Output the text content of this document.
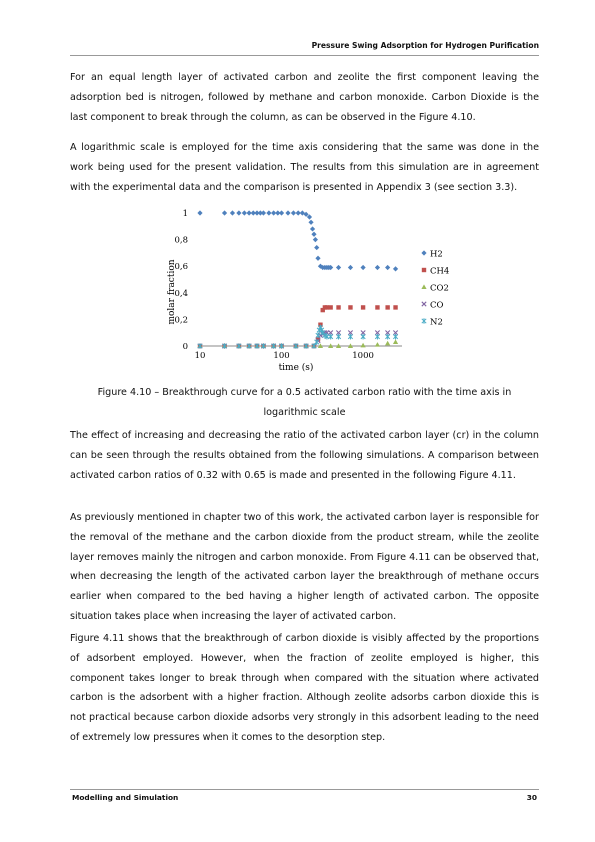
Pressure Swing Adsorption for Hydrogen Purification

For an equal length layer of activated carbon and zeolite the first component leaving the adsorption bed is nitrogen, followed by methane and carbon monoxide. Carbon Dioxide is the last component to break through the column, as can be observed in the Figure 4.10.

A logarithmic scale is employed for the time axis considering that the same was done in the work being used for the present validation. The results from this simulation are in agreement with the experimental data and the comparison is presented in Appendix 3 (see section 3.3).

molar fraction
time (s)
0
0,2
0,4
0,6
0,8
1
10	100	1000
H2
CH4
CO2
CO
N2

Figure 4.10 – Breakthrough curve for a 0.5 activated carbon ratio with the time axis in logarithmic scale

The effect of increasing and decreasing the ratio of the activated carbon layer (cr) in the column can be seen through the results obtained from the following simulations. A comparison between activated carbon ratios of 0.32 with 0.65 is made and presented in the following Figure 4.11.

As previously mentioned in chapter two of this work, the activated carbon layer is responsible for the removal of the methane and the carbon dioxide from the product stream, while the zeolite layer removes mainly the nitrogen and carbon monoxide. From Figure 4.11 can be observed that, when decreasing the length of the activated carbon layer the breakthrough of methane occurs earlier when compared to the bed having a higher length of activated carbon. The opposite situation takes place when increasing the layer of activated carbon.

Figure 4.11 shows that the breakthrough of carbon dioxide is visibly affected by the proportions of adsorbent employed. However, when the fraction of zeolite employed is higher, this component takes longer to break through when compared with the situation where activated carbon is the adsorbent with a higher fraction. Although zeolite adsorbs carbon dioxide this is not practical because carbon dioxide adsorbs very strongly in this adsorbent leading to the need of extremely low pressures when it comes to the desorption step.

Modelling and Simulation	30
